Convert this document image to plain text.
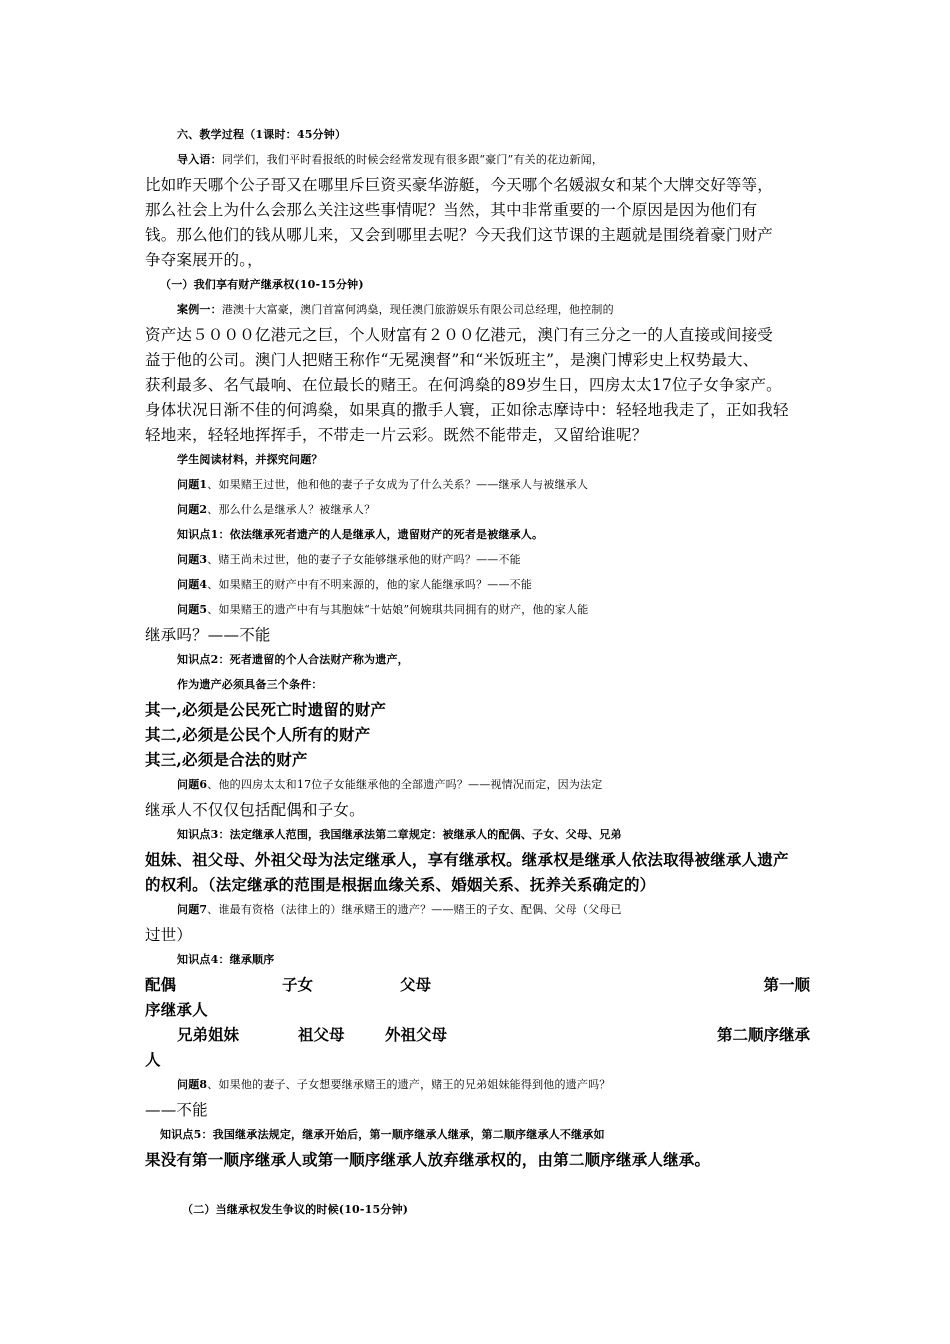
六、教学过程（1课时：45分钟）
导入语：同学们，我们平时看报纸的时候会经常发现有很多跟“豪门”有关的花边新闻，
比如昨天哪个公子哥又在哪里斥巨资买豪华游艇，今天哪个名媛淑女和某个大牌交好等等，
那么社会上为什么会那么关注这些事情呢？当然，其中非常重要的一个原因是因为他们有
钱。那么他们的钱从哪儿来，又会到哪里去呢？今天我们这节课的主题就是围绕着豪门财产
争夺案展开的。，
（一）我们享有财产继承权(10-15分钟)
案例一：港澳十大富豪，澳门首富何鸿燊，现任澳门旅游娱乐有限公司总经理，他控制的
资产达５０００亿港元之巨，个人财富有２００亿港元，澳门有三分之一的人直接或间接受
益于他的公司。澳门人把赌王称作“无冕澳督”和“米饭班主”，是澳门博彩史上权势最大、
获利最多、名气最响、在位最长的赌王。在何鸿燊的89岁生日，四房太太17位子女争家产。
身体状况日渐不佳的何鸿燊，如果真的撒手人寰，正如徐志摩诗中：轻轻地我走了，正如我轻
轻地来，轻轻地挥挥手，不带走一片云彩。既然不能带走，又留给谁呢？
学生阅读材料，并探究问题？
问题1、如果赌王过世，他和他的妻子子女成为了什么关系？——继承人与被继承人
问题2、那么什么是继承人？被继承人？
知识点1：依法继承死者遗产的人是继承人，遗留财产的死者是被继承人。
问题3、赌王尚未过世，他的妻子子女能够继承他的财产吗？——不能
问题4、如果赌王的财产中有不明来源的，他的家人能继承吗？——不能
问题5、如果赌王的遗产中有与其胞妹“十姑娘”何婉琪共同拥有的财产，他的家人能
继承吗？——不能
知识点2：死者遗留的个人合法财产称为遗产，
作为遗产必须具备三个条件：
其一,必须是公民死亡时遗留的财产
其二,必须是公民个人所有的财产
其三,必须是合法的财产
问题6、他的四房太太和17位子女能继承他的全部遗产吗？——视情况而定，因为法定
继承人不仅仅包括配偶和子女。
知识点3：法定继承人范围，我国继承法第二章规定：被继承人的配偶、子女、父母、兄弟
姐妹、祖父母、外祖父母为法定继承人，享有继承权。继承权是继承人依法取得被继承人遗产
的权利。（法定继承的范围是根据血缘关系、婚姻关系、抚养关系确定的）
问题7、谁最有资格（法律上的）继承赌王的遗产？——赌王的子女、配偶、父母（父母已
过世）
知识点4：继承顺序
配偶	子女	父母	第一顺
序继承人
兄弟姐妹	祖父母	外祖父母	第二顺序继承
人
问题8、如果他的妻子、子女想要继承赌王的遗产，赌王的兄弟姐妹能得到他的遗产吗？
——不能
知识点5：我国继承法规定，继承开始后，第一顺序继承人继承，第二顺序继承人不继承如
果没有第一顺序继承人或第一顺序继承人放弃继承权的，由第二顺序继承人继承。
（二）当继承权发生争议的时候(10-15分钟)
